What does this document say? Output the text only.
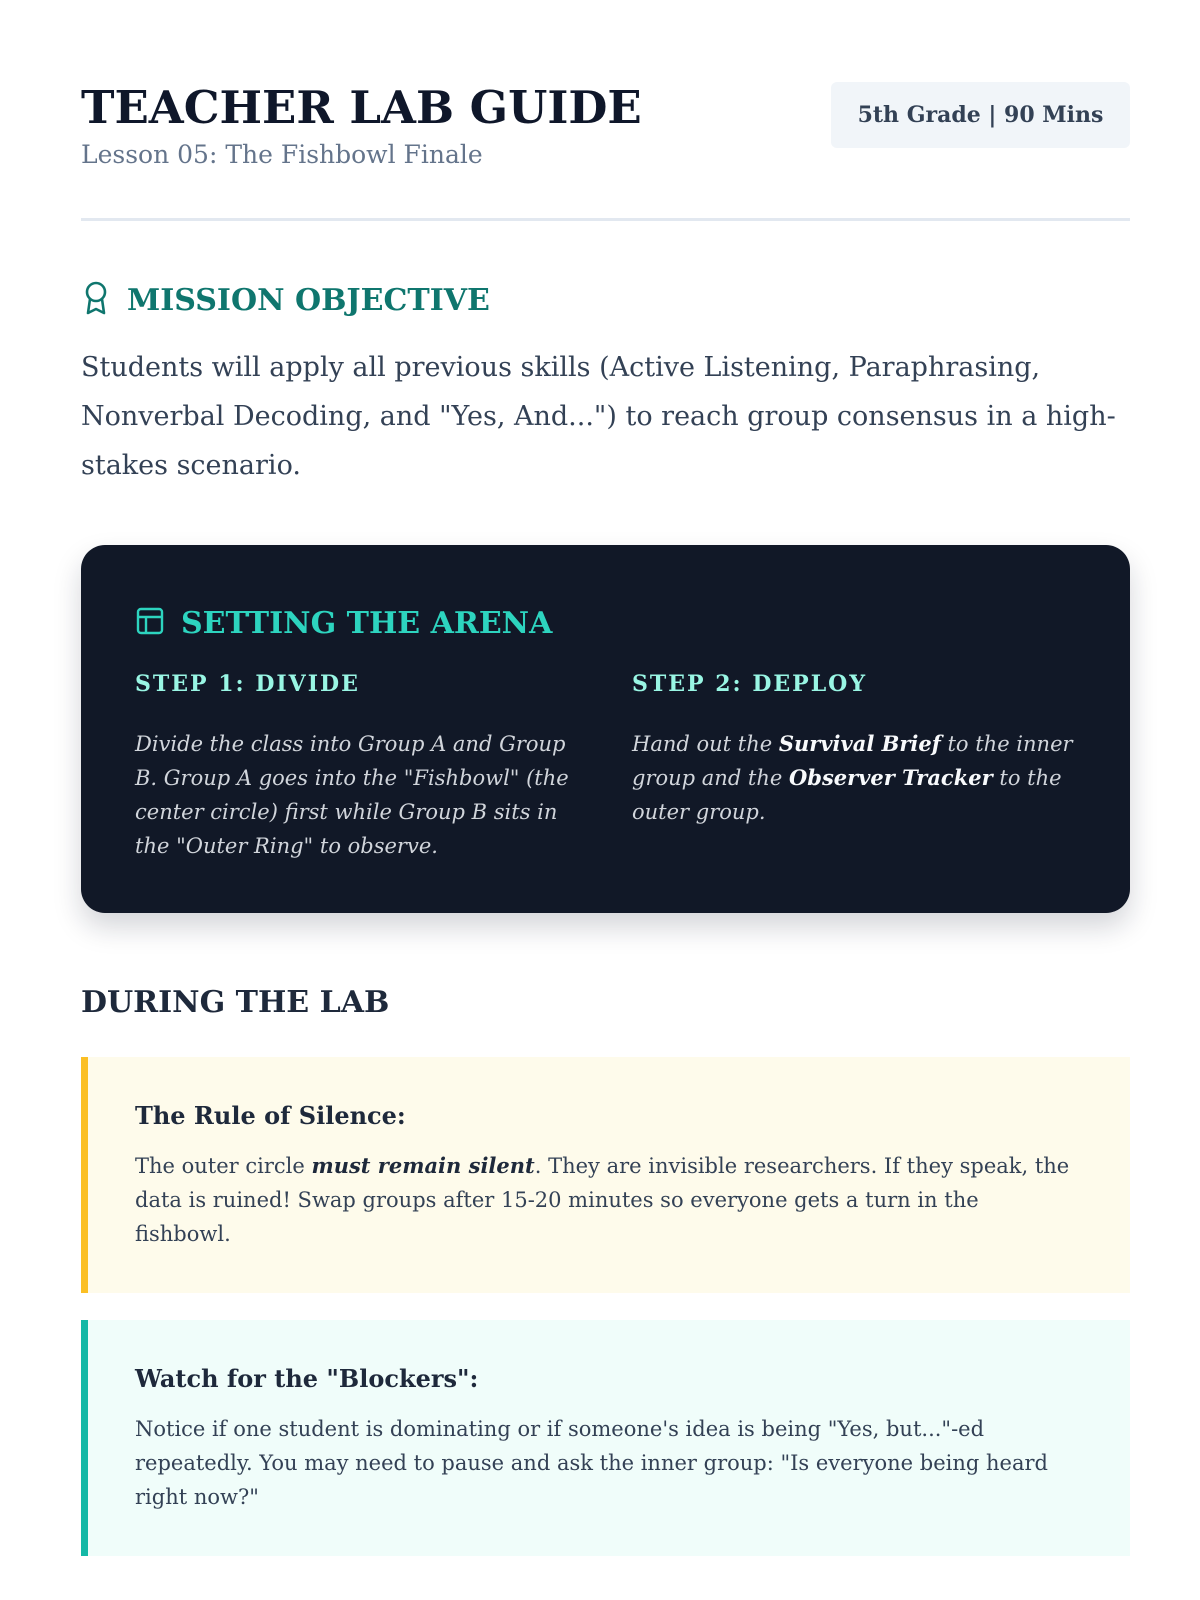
TEACHER LAB GUIDE

Lesson 05: The Fishbowl Finale

5th Grade | 90 Mins
MISSION OBJECTIVE

Students will apply all previous skills (Active Listening, Paraphrasing, Nonverbal Decoding, and "Yes, And...") to reach group consensus in a high-stakes scenario.

SETTING THE ARENA

STEP 1: DIVIDE

Divide the class into Group A and Group B. Group A goes into the "Fishbowl" (the center circle) first while Group B sits in the "Outer Ring" to observe.

STEP 2: DEPLOY

Hand out the Survival Brief to the inner group and the Observer Tracker to the outer group.

DURING THE LAB

The Rule of Silence:

The outer circle must remain silent. They are invisible researchers. If they speak, the data is ruined! Swap groups after 15-20 minutes so everyone gets a turn in the fishbowl.

Watch for the "Blockers":

Notice if one student is dominating or if someone's idea is being "Yes, but..."-ed repeatedly. You may need to pause and ask the inner group: "Is everyone being heard right now?"
